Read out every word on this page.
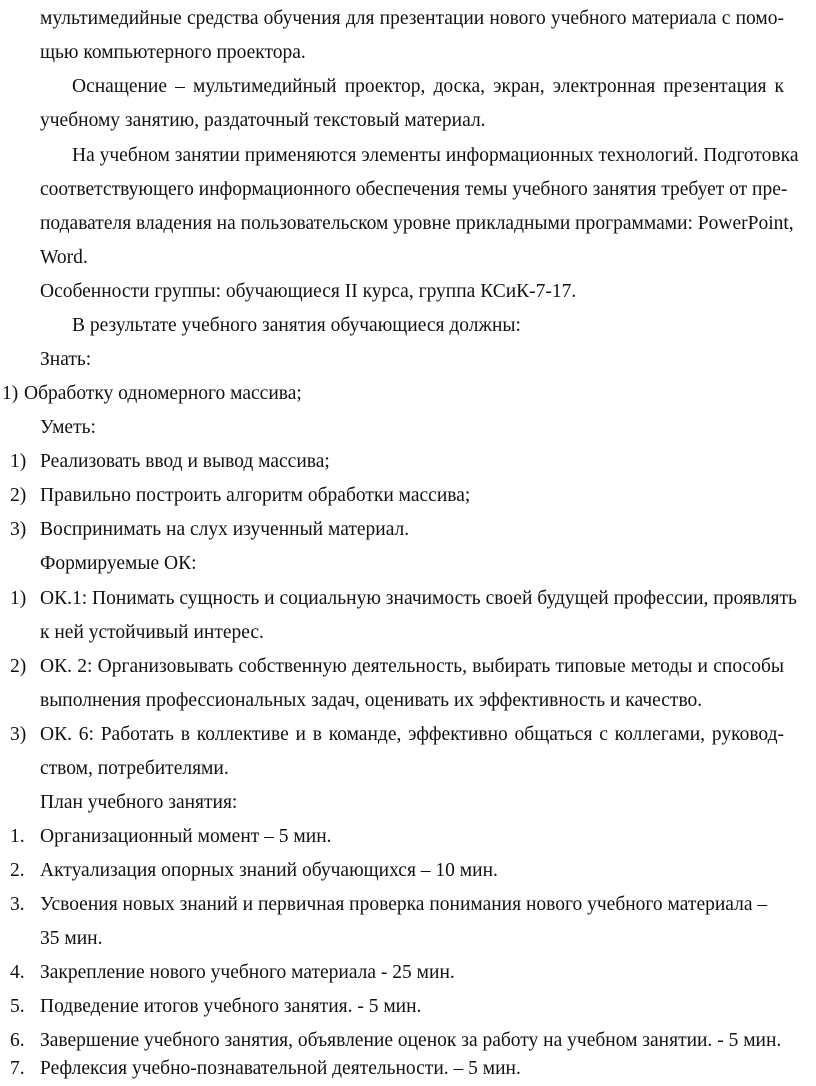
мультимедийные средства обучения для презентации нового учебного материала с помо-
щью компьютерного проектора.
Оснащение – мультимедийный проектор, доска, экран, электронная презентация к
учебному занятию, раздаточный текстовый материал.
На учебном занятии применяются элементы информационных технологий. Подготовка
соответствующего информационного обеспечения темы учебного занятия требует от пре-
подавателя владения на пользовательском уровне прикладными программами: PowerPoint,
Word.
Особенности группы: обучающиеся II курса, группа КСиК-7-17.
В результате учебного занятия обучающиеся должны:
Знать:
1) Обработку одномерного массива;
Уметь:
1) Реализовать ввод и вывод массива;
2) Правильно построить алгоритм обработки массива;
3) Воспринимать на слух изученный материал.
Формируемые ОК:
1) ОК.1: Понимать сущность и социальную значимость своей будущей профессии, проявлять
к ней устойчивый интерес.
2) ОК. 2: Организовывать собственную деятельность, выбирать типовые методы и способы
выполнения профессиональных задач, оценивать их эффективность и качество.
3) ОК. 6: Работать в коллективе и в команде, эффективно общаться с коллегами, руковод-
ством, потребителями.
План учебного занятия:
1. Организационный момент – 5 мин.
2. Актуализация опорных знаний обучающихся – 10 мин.
3. Усвоения новых знаний и первичная проверка понимания нового учебного материала –
35 мин.
4. Закрепление нового учебного материала - 25 мин.
5. Подведение итогов учебного занятия. - 5 мин.
6. Завершение учебного занятия, объявление оценок за работу на учебном занятии. - 5 мин.
7. Рефлексия учебно-познавательной деятельности. – 5 мин.
